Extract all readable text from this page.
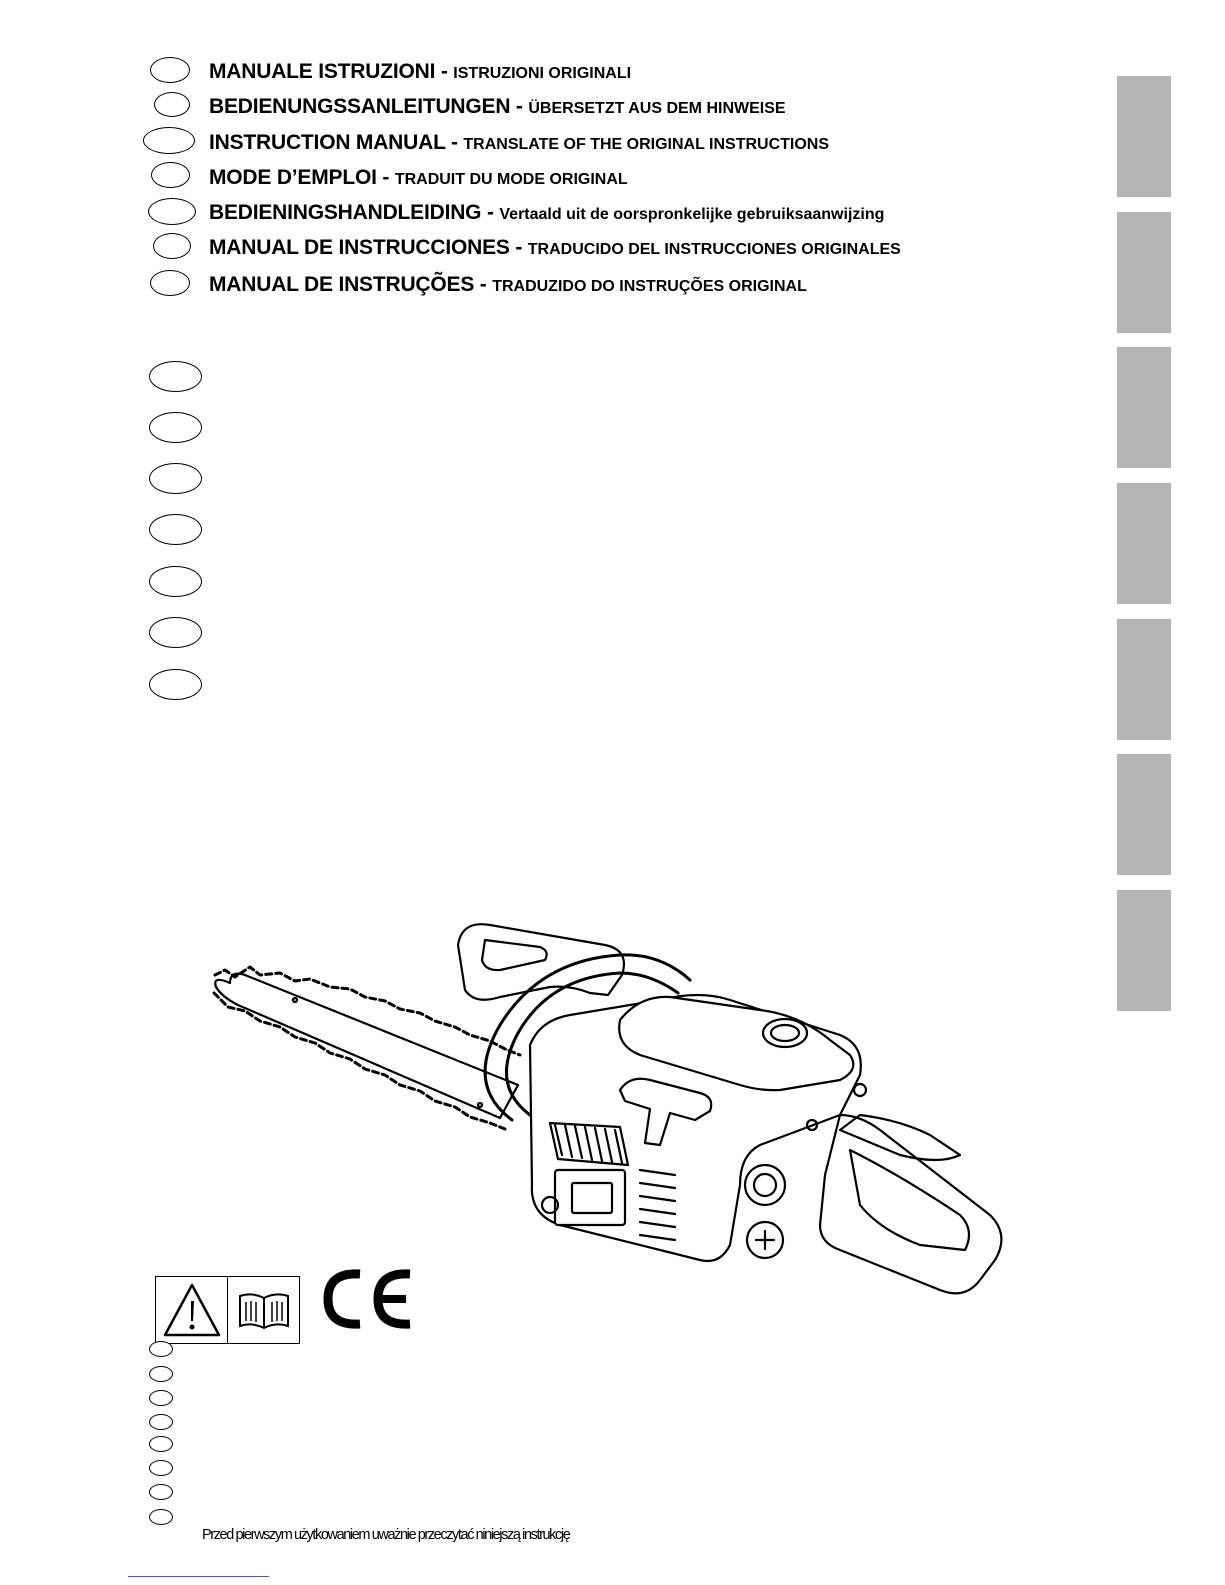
MANUALE ISTRUZIONI - ISTRUZIONI ORIGINALI
BEDIENUNGSSANLEITUNGEN - ÜBERSETZT AUS DEM HINWEISE
INSTRUCTION MANUAL - TRANSLATE OF THE ORIGINAL INSTRUCTIONS
MODE D’EMPLOI - TRADUIT DU MODE ORIGINAL
BEDIENINGSHANDLEIDING - Vertaald uit de oorspronkelijke gebruiksaanwijzing
MANUAL DE INSTRUCCIONES - TRADUCIDO DEL INSTRUCCIONES ORIGINALES
MANUAL DE INSTRUÇÕES - TRADUZIDO DO INSTRUÇÕES ORIGINAL
Przed pierwszym użytkowaniem uważnie przeczytać niniejszą instrukcję
